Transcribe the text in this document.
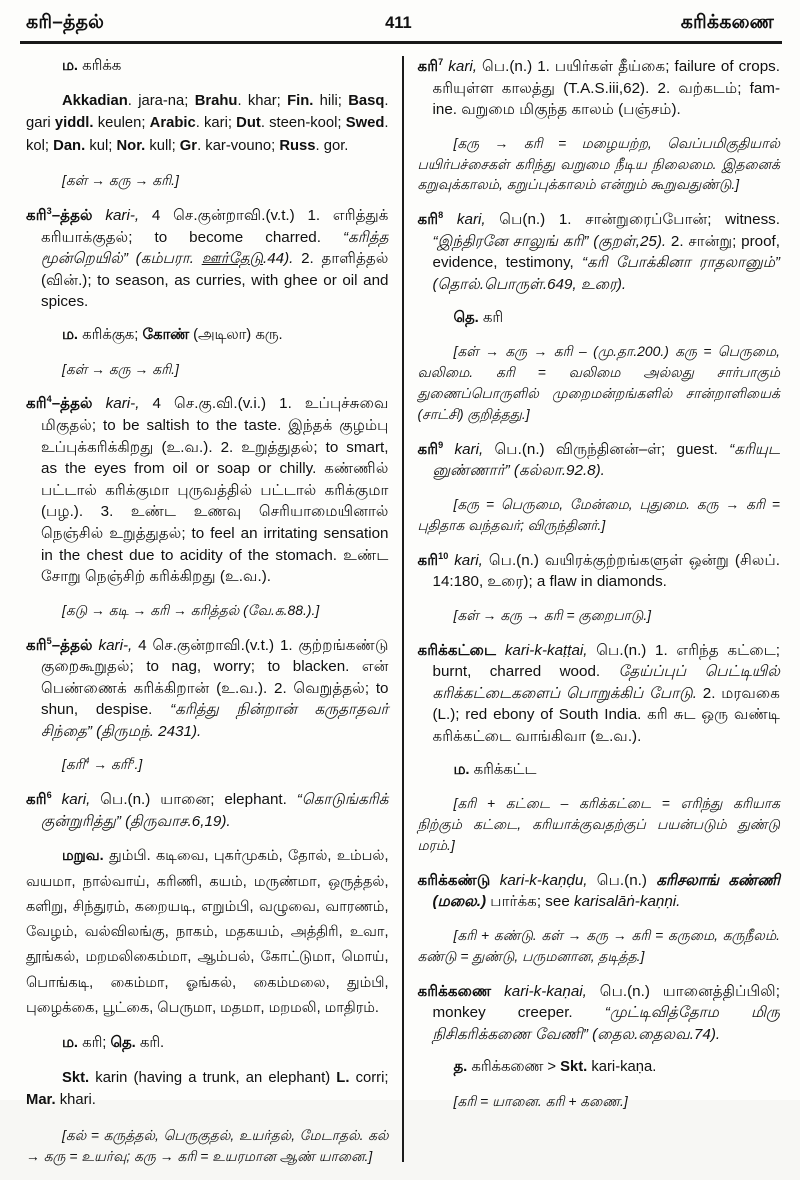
கரி–த்தல்	411	கரிக்கணை

ம. கரிக்க

Akkadian. jara-na; Brahu. khar; Fin. hili; Basq. gari yiddl. keulen; Arabic. kari; Dut. steen-kool; Swed. kol; Dan. kul; Nor. kull; Gr. kar-vouno; Russ. gor.

[கள் → கரு → கரி.]

கரி$^3$–த்தல் kari-, 4 செ.குன்றாவி.(v.t.) 1. எரித்துக் கரியாக்குதல்; to become charred. “கரித்த மூன்றெயில்” (கம்பரா. ஊர்தேடு.44). 2. தாளித்தல் (வின்.); to season, as curries, with ghee or oil and spices.

ம. கரிக்குக; கோண் (அடிலா) கரு.

[கள் → கரு → கரி.]

கரி$^4$–த்தல் kari-, 4 செ.கு.வி.(v.i.) 1. உப்புச்சுவை மிகுதல்; to be saltish to the taste. இந்தக் குழம்பு உப்புக்கரிக்கிறது (உ.வ.). 2. உறுத்துதல்; to smart, as the eyes from oil or soap or chilly. கண்ணில் பட்டால் கரிக்குமா புருவத்தில் பட்டால் கரிக்குமா (பழ.). 3. உண்ட உணவு செரியாமையினால் நெஞ்சில் உறுத்துதல்; to feel an irritating sensation in the chest due to acidity of the stomach. உண்ட சோறு நெஞ்சிற் கரிக்கிறது (உ.வ.).

[கடு → கடி → கரி → கரித்தல் (வே.க.88.).]

கரி$^5$–த்தல் kari-, 4 செ.குன்றாவி.(v.t.) 1. குற்றங்கண்டு குறைகூறுதல்; to nag, worry; to blacken. என் பெண்ணைக் கரிக்கிறான் (உ.வ.). 2. வெறுத்தல்; to shun, despise. “கரித்து நின்றான் கருதாதவர் சிந்தை” (திருமந். 2431).

[கரி$^4$ → கரி$^5$.]

கரி$^6$ kari, பெ.(n.) யானை; elephant. “கொடுங்கரிக் குன்றுரித்து” (திருவாச.6,19).

மறுவ. தும்பி. கடிவை, புகர்முகம், தோல், உம்பல், வயமா, நால்வாய், கரிணி, கயம், மருண்மா, ஒருத்தல், களிறு, சிந்துரம், கறையடி, எறும்பி, வழுவை, வாரணம், வேழம், வல்விலங்கு, நாகம், மதகயம், அத்திரி, உவா, தூங்கல், மறமலிகைம்மா, ஆம்பல், கோட்டுமா, மொய், பொங்கடி, கைம்மா, ஓங்கல், கைம்மலை, தும்பி, புழைக்கை, பூட்கை, பெருமா, மதமா, மறமலி, மாதிரம்.

ம. கரி; தெ. கரி.

Skt. karin (having a trunk, an elephant) L. corri; Mar. khari.

[கல் = கருத்தல், பெருகுதல், உயர்தல், மேடாதல். கல் → கரு = உயர்வு; கரு → கரி = உயரமான ஆண் யானை.]

கரி$^7$ kari, பெ.(n.) 1. பயிர்கள் தீய்கை; failure of crops. கரியுள்ள காலத்து (T.A.S.iii,62). 2. வற்கடம்; fam-ine. வறுமை மிகுந்த காலம் (பஞ்சம்).

[கரு → கரி = மழையற்ற, வெப்பமிகுதியால் பயிர்பச்சைகள் கரிந்து வறுமை நீடிய நிலைமை. இதனைக் கறுவுக்காலம், கறுப்புக்காலம் என்றும் கூறுவதுண்டு.]

கரி$^8$ kari, பெ(n.) 1. சான்றுரைப்போன்; witness. “இந்திரனே சாலுங் கரி” (குறள்,25). 2. சான்று; proof, evidence, testimony, “கரி போக்கினா ராதலானும்” (தொல்.பொருள்.649, உரை).

தெ. கரி

[கள் → கரு → கரி – (மு.தா.200.) கரு = பெருமை, வலிமை. கரி = வலிமை அல்லது சார்பாகும் துணைப்பொருளில் முறைமன்றங்களில் சான்றாளியைக் (சாட்சி) குறித்தது.]

கரி$^9$ kari, பெ.(n.) விருந்தினன்–ள்; guest. “கரியுட னுண்ணார்” (கல்லா.92.8).

[கரு = பெருமை, மேன்மை, புதுமை. கரு → கரி = புதிதாக வந்தவர்; விருந்தினர்.]

கரி$^{10}$ kari, பெ.(n.) வயிரக்குற்றங்களுள் ஒன்று (சிலப். 14:180, உரை); a flaw in diamonds.

[கள் → கரு → கரி = குறைபாடு.]

கரிக்கட்டை kari-k-kaṭṭai, பெ.(n.) 1. எரிந்த கட்டை; burnt, charred wood. தேய்ப்புப் பெட்டியில் கரிக்கட்டைகளைப் பொறுக்கிப் போடு. 2. மரவகை (L.); red ebony of South India. கரி சுட ஒரு வண்டி கரிக்கட்டை வாங்கிவா (உ.வ.).

ம. கரிக்கட்ட

[கரி + கட்டை – கரிக்கட்டை = எரிந்து கரியாக நிற்கும் கட்டை, கரியாக்குவதற்குப் பயன்படும் துண்டு மரம்.]

கரிக்கண்டு kari-k-kaṇḍu, பெ.(n.) கரிசலாங் கண்ணி (மலை.) பார்க்க; see karisalāṅ-kaṇṇi.

[கரி + கண்டு. கள் → கரு → கரி = கருமை, கருநீலம். கண்டு = துண்டு, பருமனான, தடித்த.]

கரிக்கணை kari-k-kaṇai, பெ.(n.) யானைத்திப்பிலி; monkey creeper. “முட்டிவித்தோம மிரு நிசிகரிக்கணை வேணி” (தைல.தைலவ.74).

த. கரிக்கணை > Skt. kari-kaṇa.

[கரி = யானை. கரி + கணை.]
